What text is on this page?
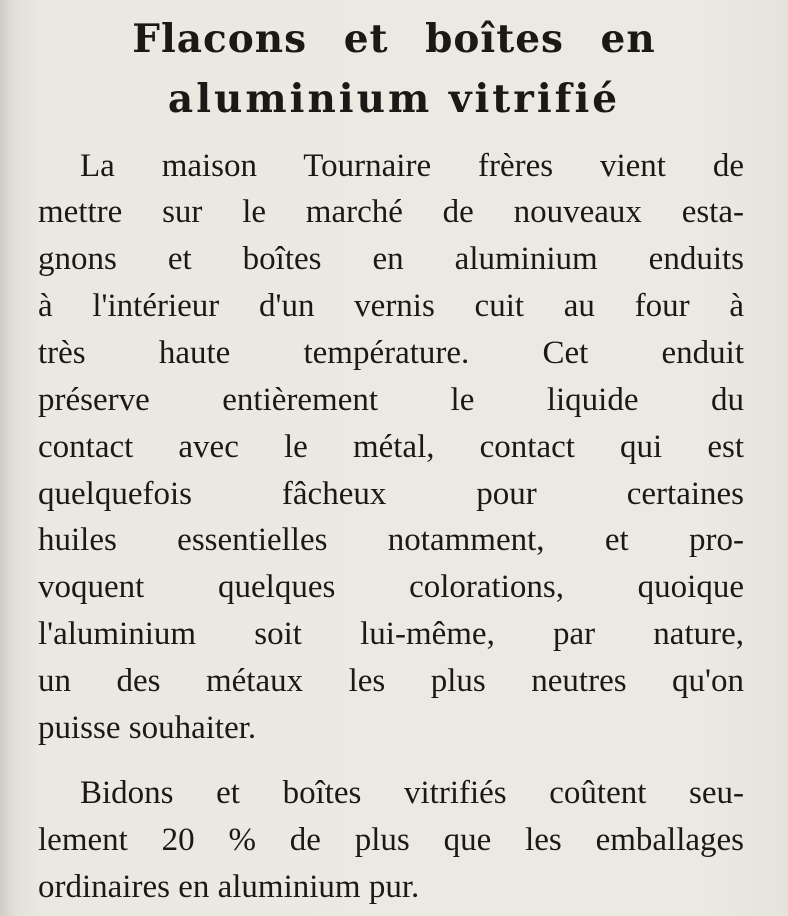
Flacons et boîtes en
aluminium vitrifié
La maison Tournaire frères vient de
mettre sur le marché de nouveaux esta-
gnons et boîtes en aluminium enduits
à l'intérieur d'un vernis cuit au four à
très haute température. Cet enduit
préserve entièrement le liquide du
contact avec le métal, contact qui est
quelquefois fâcheux pour certaines
huiles essentielles notamment, et pro-
voquent quelques colorations, quoique
l'aluminium soit lui-même, par nature,
un des métaux les plus neutres qu'on
puisse souhaiter.
Bidons et boîtes vitrifiés coûtent seu-
lement 20 % de plus que les emballages
ordinaires en aluminium pur.
